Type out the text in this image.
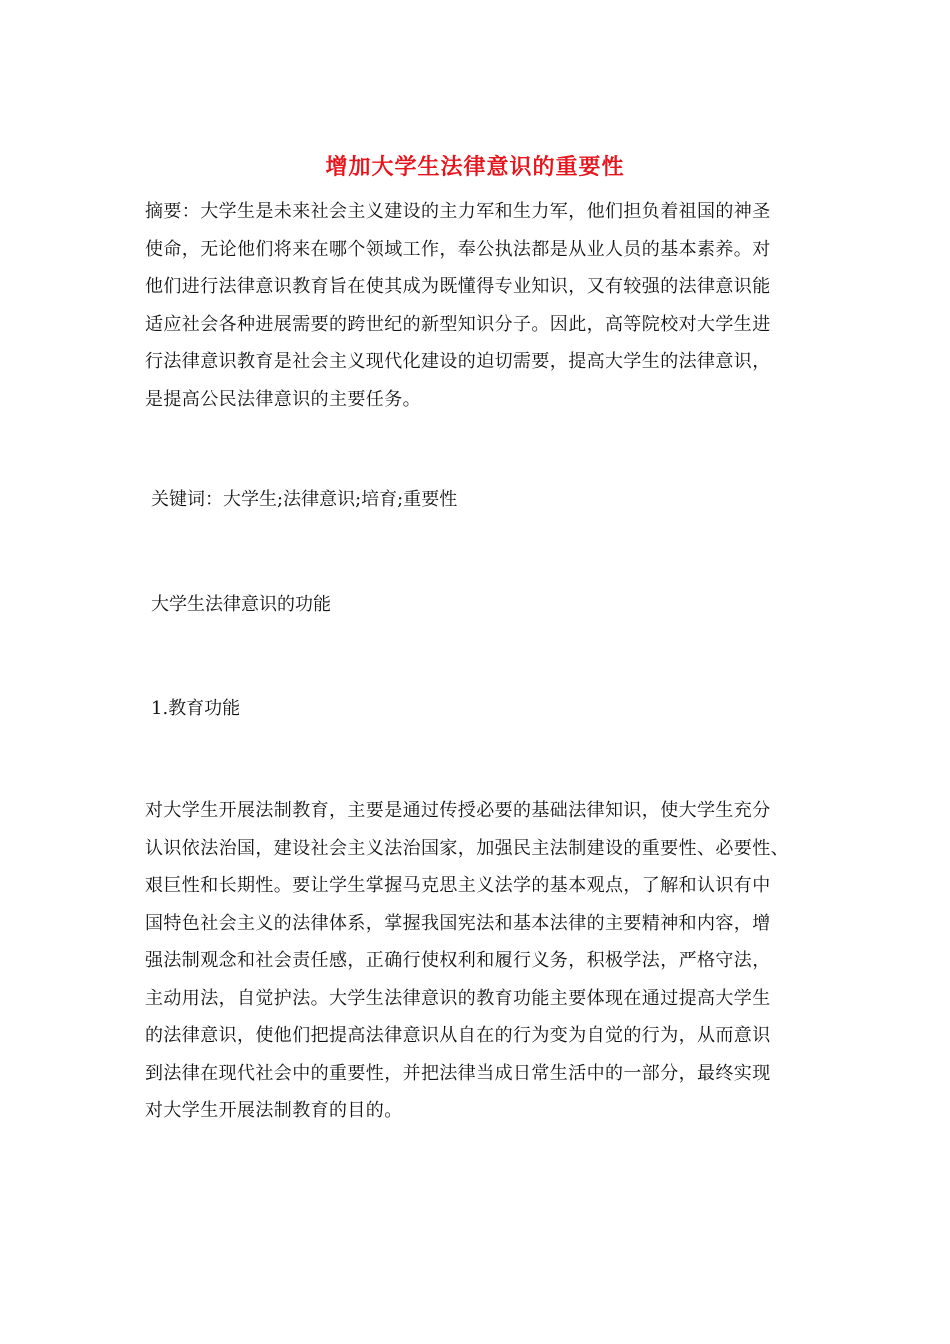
增加大学生法律意识的重要性
摘要：大学生是未来社会主义建设的主力军和生力军，他们担负着祖国的神圣
使命，无论他们将来在哪个领域工作，奉公执法都是从业人员的基本素养。对
他们进行法律意识教育旨在使其成为既懂得专业知识，又有较强的法律意识能
适应社会各种进展需要的跨世纪的新型知识分子。因此，高等院校对大学生进
行法律意识教育是社会主义现代化建设的迫切需要，提高大学生的法律意识，
是提高公民法律意识的主要任务。
关键词：大学生;法律意识;培育;重要性
大学生法律意识的功能
1.教育功能
对大学生开展法制教育，主要是通过传授必要的基础法律知识，使大学生充分
认识依法治国，建设社会主义法治国家，加强民主法制建设的重要性、必要性、
艰巨性和长期性。要让学生掌握马克思主义法学的基本观点，了解和认识有中
国特色社会主义的法律体系，掌握我国宪法和基本法律的主要精神和内容，增
强法制观念和社会责任感，正确行使权利和履行义务，积极学法，严格守法，
主动用法，自觉护法。大学生法律意识的教育功能主要体现在通过提高大学生
的法律意识，使他们把提高法律意识从自在的行为变为自觉的行为，从而意识
到法律在现代社会中的重要性，并把法律当成日常生活中的一部分，最终实现
对大学生开展法制教育的目的。
